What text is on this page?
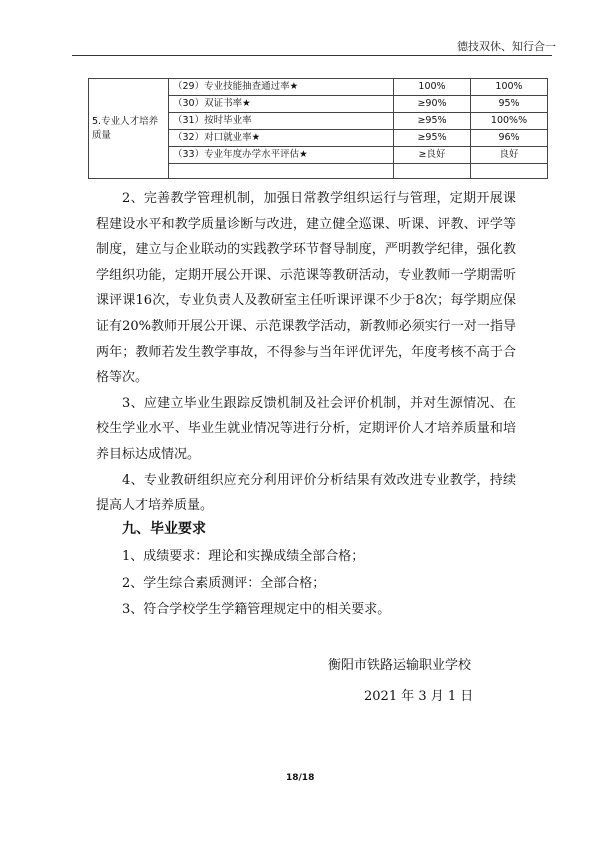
德技双休、知行合一
5.专业人才培养质量	（29）专业技能抽查通过率★	100%	100%
	（30）双证书率★	≥90%	95%
	（31）按时毕业率	≥95%	100%%
	（32）对口就业率★	≥95%	96%
	（33）专业年度办学水平评估★	≥良好	良好

2、完善教学管理机制，加强日常教学组织运行与管理，定期开展课程建设水平和教学质量诊断与改进，建立健全巡课、听课、评教、评学等制度，建立与企业联动的实践教学环节督导制度，严明教学纪律，强化教学组织功能，定期开展公开课、示范课等教研活动，专业教师一学期需听课评课16次，专业负责人及教研室主任听课评课不少于8次；每学期应保证有20%教师开展公开课、示范课教学活动，新教师必须实行一对一指导两年；教师若发生教学事故，不得参与当年评优评先，年度考核不高于合格等次。

3、应建立毕业生跟踪反馈机制及社会评价机制，并对生源情况、在校生学业水平、毕业生就业情况等进行分析，定期评价人才培养质量和培养目标达成情况。

4、专业教研组织应充分利用评价分析结果有效改进专业教学，持续提高人才培养质量。

​
九、毕业要求
1、成绩要求：理论和实操成绩全部合格；
2、学生综合素质测评：全部合格；
3、符合学校学生学籍管理规定中的相关要求。
衡阳市铁路运输职业学校
2021 年 3 月 1 日
18/18
